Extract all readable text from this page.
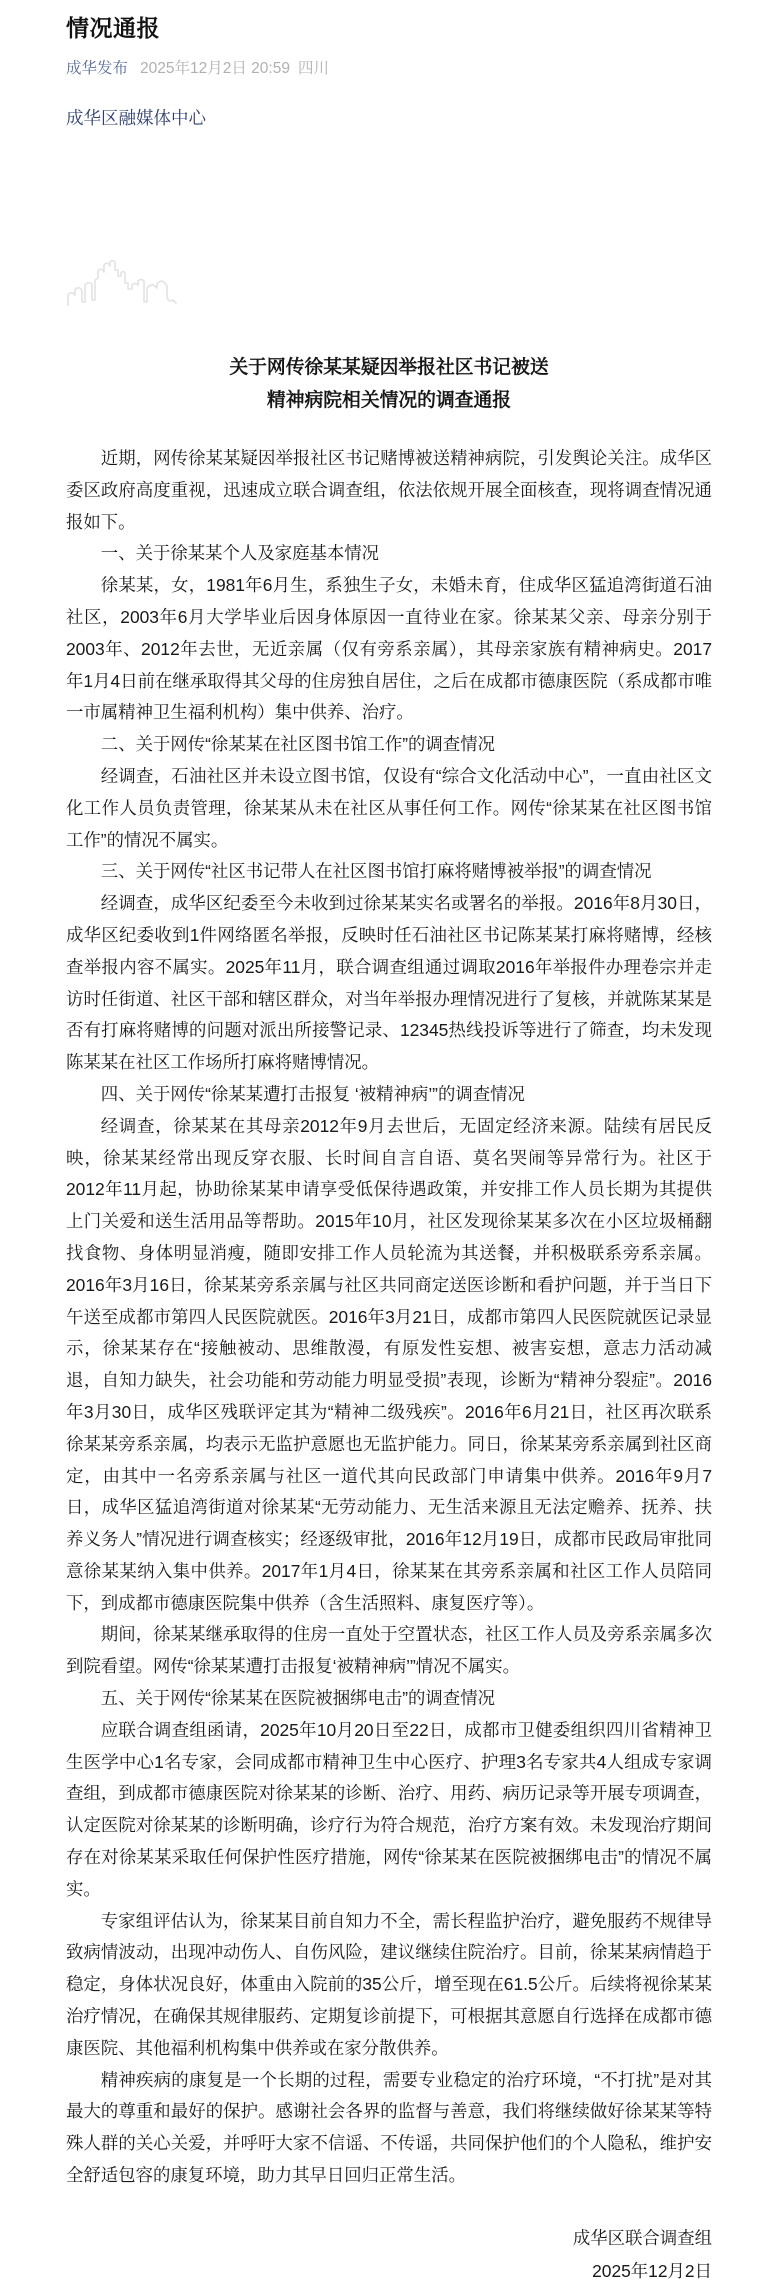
情况通报

成华发布 2025年12月2日 20:59 四川

成华区融媒体中心

关于网传徐某某疑因举报社区书记被送

精神病院相关情况的调查通报

近期，网传徐某某疑因举报社区书记赌博被送精神病院，引发舆论关注。成华区委区政府高度重视，迅速成立联合调查组，依法依规开展全面核查，现将调查情况通报如下。

一、关于徐某某个人及家庭基本情况

徐某某，女，1981年6月生，系独生子女，未婚未育，住成华区猛追湾街道石油社区，2003年6月大学毕业后因身体原因一直待业在家。徐某某父亲、母亲分别于2003年、2012年去世，无近亲属（仅有旁系亲属），其母亲家族有精神病史。2017年1月4日前在继承取得其父母的住房独自居住，之后在成都市德康医院（系成都市唯一市属精神卫生福利机构）集中供养、治疗。

二、关于网传“徐某某在社区图书馆工作”的调查情况

经调查，石油社区并未设立图书馆，仅设有“综合文化活动中心”，一直由社区文化工作人员负责管理，徐某某从未在社区从事任何工作。网传“徐某某在社区图书馆工作”的情况不属实。

三、关于网传“社区书记带人在社区图书馆打麻将赌博被举报”的调查情况

经调查，成华区纪委至今未收到过徐某某实名或署名的举报。2016年8月30日，成华区纪委收到1件网络匿名举报，反映时任石油社区书记陈某某打麻将赌博，经核查举报内容不属实。2025年11月，联合调查组通过调取2016年举报件办理卷宗并走访时任街道、社区干部和辖区群众，对当年举报办理情况进行了复核，并就陈某某是否有打麻将赌博的问题对派出所接警记录、12345热线投诉等进行了筛查，均未发现陈某某在社区工作场所打麻将赌博情况。

四、关于网传“徐某某遭打击报复 ‘被精神病’”的调查情况

经调查，徐某某在其母亲2012年9月去世后，无固定经济来源。陆续有居民反映，徐某某经常出现反穿衣服、长时间自言自语、莫名哭闹等异常行为。社区于2012年11月起，协助徐某某申请享受低保待遇政策，并安排工作人员长期为其提供上门关爱和送生活用品等帮助。2015年10月，社区发现徐某某多次在小区垃圾桶翻找食物、身体明显消瘦，随即安排工作人员轮流为其送餐，并积极联系旁系亲属。2016年3月16日，徐某某旁系亲属与社区共同商定送医诊断和看护问题，并于当日下午送至成都市第四人民医院就医。2016年3月21日，成都市第四人民医院就医记录显示，徐某某存在“接触被动、思维散漫，有原发性妄想、被害妄想，意志力活动减退，自知力缺失，社会功能和劳动能力明显受损”表现，诊断为“精神分裂症”。2016年3月30日，成华区残联评定其为“精神二级残疾”。2016年6月21日，社区再次联系徐某某旁系亲属，均表示无监护意愿也无监护能力。同日，徐某某旁系亲属到社区商定，由其中一名旁系亲属与社区一道代其向民政部门申请集中供养。2016年9月7日，成华区猛追湾街道对徐某某“无劳动能力、无生活来源且无法定赡养、抚养、扶养义务人”情况进行调查核实；经逐级审批，2016年12月19日，成都市民政局审批同意徐某某纳入集中供养。2017年1月4日，徐某某在其旁系亲属和社区工作人员陪同下，到成都市德康医院集中供养（含生活照料、康复医疗等）。

期间，徐某某继承取得的住房一直处于空置状态，社区工作人员及旁系亲属多次到院看望。网传“徐某某遭打击报复‘被精神病’”情况不属实。

五、关于网传“徐某某在医院被捆绑电击”的调查情况

应联合调查组函请，2025年10月20日至22日，成都市卫健委组织四川省精神卫生医学中心1名专家，会同成都市精神卫生中心医疗、护理3名专家共4人组成专家调查组，到成都市德康医院对徐某某的诊断、治疗、用药、病历记录等开展专项调查，认定医院对徐某某的诊断明确，诊疗行为符合规范，治疗方案有效。未发现治疗期间存在对徐某某采取任何保护性医疗措施，网传“徐某某在医院被捆绑电击”的情况不属实。

专家组评估认为，徐某某目前自知力不全，需长程监护治疗，避免服药不规律导致病情波动，出现冲动伤人、自伤风险，建议继续住院治疗。目前，徐某某病情趋于稳定，身体状况良好，体重由入院前的35公斤，增至现在61.5公斤。后续将视徐某某治疗情况，在确保其规律服药、定期复诊前提下，可根据其意愿自行选择在成都市德康医院、其他福利机构集中供养或在家分散供养。

精神疾病的康复是一个长期的过程，需要专业稳定的治疗环境，“不打扰”是对其最大的尊重和最好的保护。感谢社会各界的监督与善意，我们将继续做好徐某某等特殊人群的关心关爱，并呼吁大家不信谣、不传谣，共同保护他们的个人隐私，维护安全舒适包容的康复环境，助力其早日回归正常生活。

成华区联合调查组

2025年12月2日
